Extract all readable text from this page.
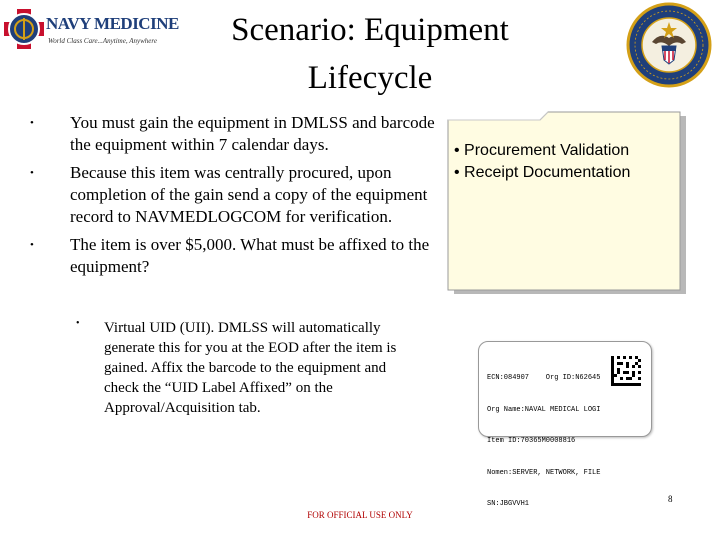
NAVY MEDICINE
World Class Care...Anytime, Anywhere	Scenario: Equipment
Lifecycle
• You must gain the equipment in DMLSS and barcode the equipment within 7 calendar days.
• Because this item was centrally procured, upon completion of the gain send a copy of the equipment record to NAVMEDLOGCOM for verification.
• The item is over $5,000. What must be affixed to the equipment?
•	Virtual UID (UII). DMLSS will automatically generate this for you at the EOD after the item is gained. Affix the barcode to the equipment and check the “UID Label Affixed” on the Approval/Acquisition tab.
• Procurement Validation
• Receipt Documentation

ECN:084907    Org ID:N62645

Org Name:NAVAL MEDICAL LOGI

Item ID:70365M0008816

Nomen:SERVER, NETWORK, FILE

SN:JBGVVH1

	8
FOR OFFICIAL USE ONLY
